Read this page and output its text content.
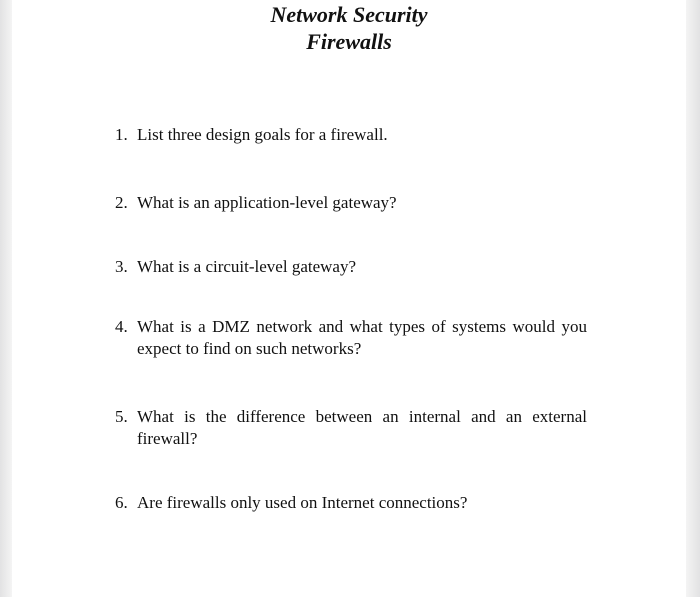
Network Security
Firewalls
1. List three design goals for a firewall.
2. What is an application-level gateway?
3. What is a circuit-level gateway?
4. What is a DMZ network and what types of systems would you expect to find on such networks?
5. What is the difference between an internal and an external firewall?
6. Are firewalls only used on Internet connections?
